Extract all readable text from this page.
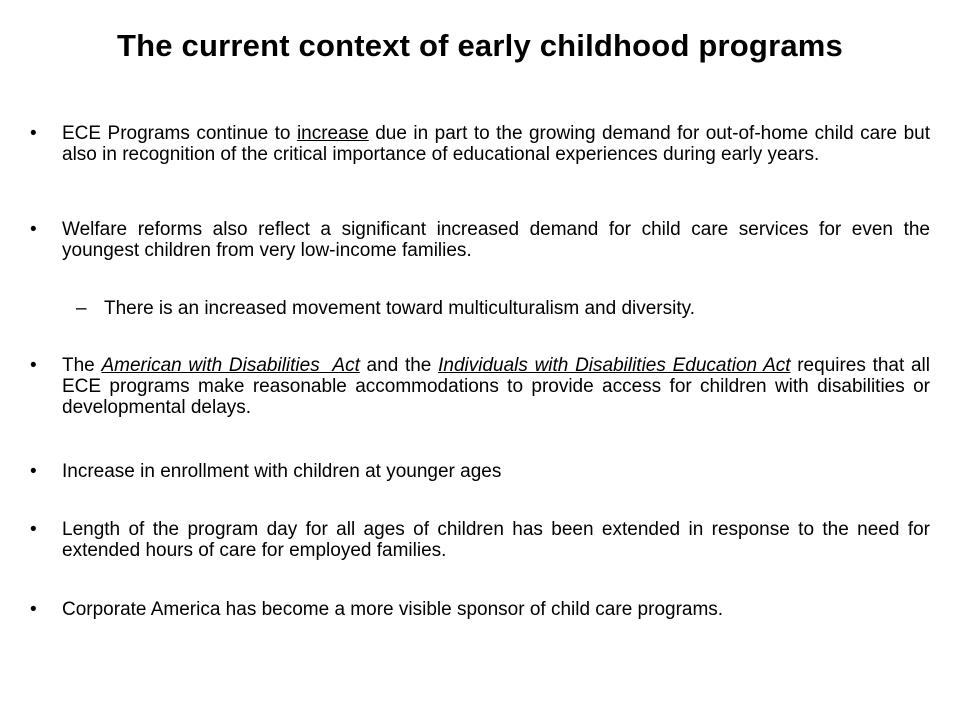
The current context of early childhood programs
•	ECE Programs continue to increase due in part to the growing demand for out-of-home child care but also in recognition of the critical importance of educational experiences during early years.
•	Welfare reforms also reflect a significant increased demand for child care services for even the youngest children from very low-income families.
– There is an increased movement toward multiculturalism and diversity.
•	The American with Disabilities  Act and the Individuals with Disabilities Education Act requires that all ECE programs make reasonable accommodations to provide access for children with disabilities or developmental delays.
•	Increase in enrollment with children at younger ages
•	Length of the program day for all ages of children has been extended in response to the need for extended hours of care for employed families.
•	Corporate America has become a more visible sponsor of child care programs.
